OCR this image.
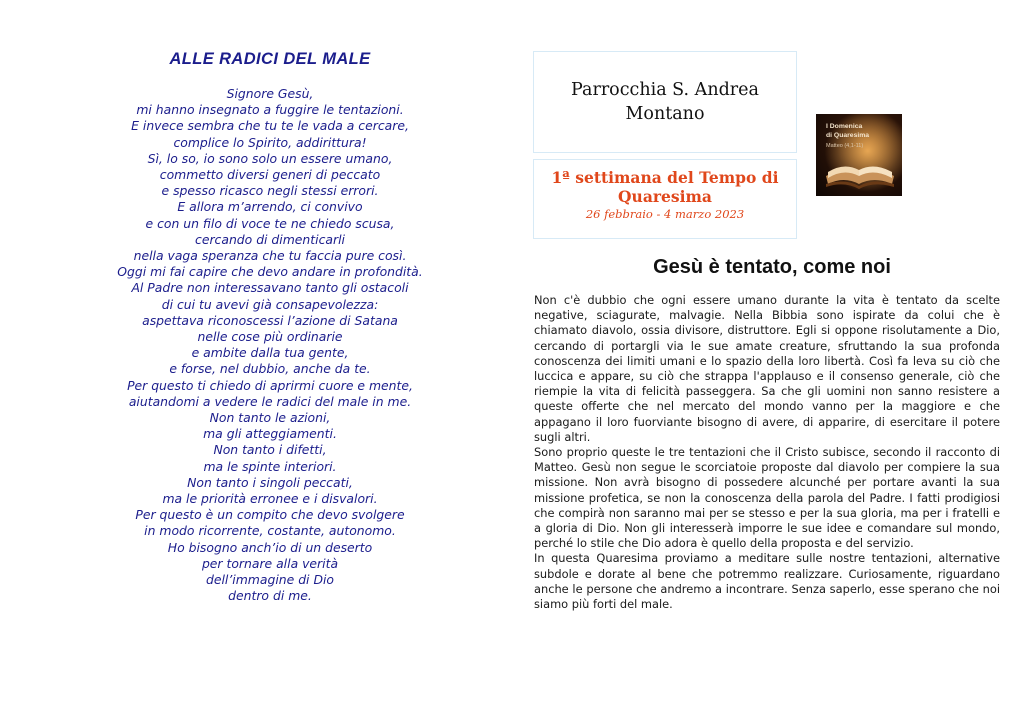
ALLE RADICI DEL MALE
Signore Gesù,
mi hanno insegnato a fuggire le tentazioni.
E invece sembra che tu te le vada a cercare,
complice lo Spirito, addirittura!
Sì, lo so, io sono solo un essere umano,
commetto diversi generi di peccato
e spesso ricasco negli stessi errori.
E allora m’arrendo, ci convivo
e con un filo di voce te ne chiedo scusa,
cercando di dimenticarli
nella vaga speranza che tu faccia pure così.
Oggi mi fai capire che devo andare in profondità.
Al Padre non interessavano tanto gli ostacoli
di cui tu avevi già consapevolezza:
aspettava riconoscessi l’azione di Satana
nelle cose più ordinarie
e ambite dalla tua gente,
e forse, nel dubbio, anche da te.
Per questo ti chiedo di aprirmi cuore e mente,
aiutandomi a vedere le radici del male in me.
Non tanto le azioni,
ma gli atteggiamenti.
Non tanto i difetti,
ma le spinte interiori.
Non tanto i singoli peccati,
ma le priorità erronee e i disvalori.
Per questo è un compito che devo svolgere
in modo ricorrente, costante, autonomo.
Ho bisogno anch’io di un deserto
per tornare alla verità
dell’immagine di Dio
dentro di me.
Parrocchia S. Andrea
Montano
1ª settimana del Tempo di
Quaresima
26 febbraio - 4 marzo 2023
I Domenica
di Quaresima
Matteo (4,1-11)
Gesù è tentato, come noi

Non c'è dubbio che ogni essere umano durante la vita è tentato da scelte negative, sciagurate, malvagie. Nella Bibbia sono ispirate da colui che è chiamato diavolo, ossia divisore, distruttore. Egli si oppone risolutamente a Dio, cercando di portargli via le sue amate creature, sfruttando la sua profonda conoscenza dei limiti umani e lo spazio della loro libertà. Così fa leva su ciò che luccica e appare, su ciò che strappa l'applauso e il consenso generale, ciò che riempie la vita di felicità passeggera. Sa che gli uomini non sanno resistere a queste offerte che nel mercato del mondo vanno per la maggiore e che appagano il loro fuorviante bisogno di avere, di apparire, di esercitare il potere sugli altri.

Sono proprio queste le tre tentazioni che il Cristo subisce, secondo il racconto di Matteo. Gesù non segue le scorciatoie proposte dal diavolo per compiere la sua missione. Non avrà bisogno di possedere alcunché per portare avanti la sua missione profetica, se non la conoscenza della parola del Padre. I fatti prodigiosi che compirà non saranno mai per se stesso e per la sua gloria, ma per i fratelli e a gloria di Dio. Non gli interesserà imporre le sue idee e comandare sul mondo, perché lo stile che Dio adora è quello della proposta e del servizio.

In questa Quaresima proviamo a meditare sulle nostre tentazioni, alternative subdole e dorate al bene che potremmo realizzare. Curiosamente, riguardano anche le persone che andremo a incontrare. Senza saperlo, esse sperano che noi siamo più forti del male.
